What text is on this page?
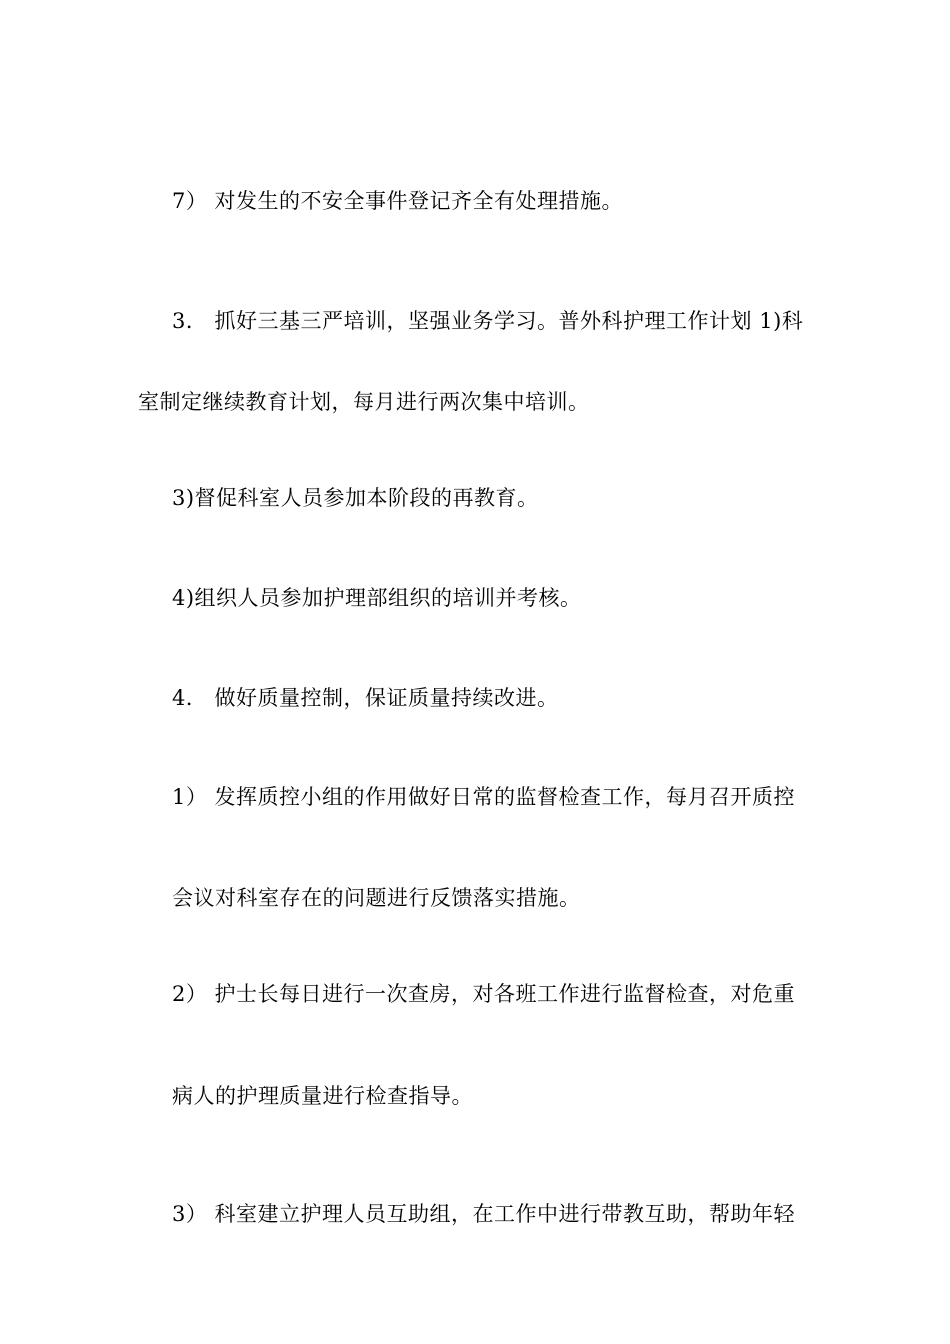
7） 对发生的不安全事件登记齐全有处理措施。

3． 抓好三基三严培训，坚强业务学习。普外科护理工作计划 1)科

室制定继续教育计划，每月进行两次集中培训。

3)督促科室人员参加本阶段的再教育。

4)组织人员参加护理部组织的培训并考核。

4． 做好质量控制，保证质量持续改进。

1） 发挥质控小组的作用做好日常的监督检查工作，每月召开质控

会议对科室存在的问题进行反馈落实措施。

2） 护士长每日进行一次查房，对各班工作进行监督检查，对危重

病人的护理质量进行检查指导。

3） 科室建立护理人员互助组，在工作中进行带教互助，帮助年轻
